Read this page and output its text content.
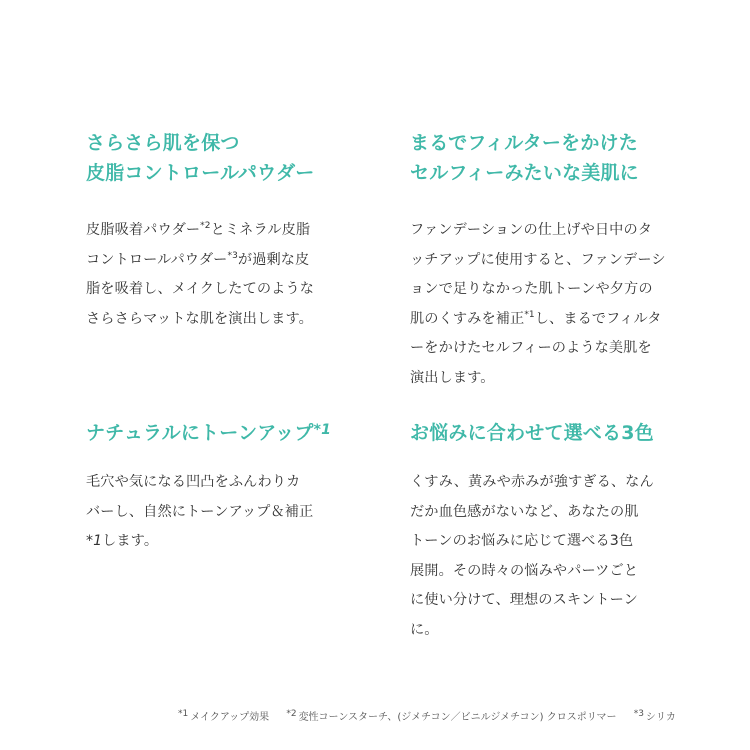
さらさら肌を保つ
皮脂コントロールパウダー

皮脂吸着パウダー$^{*2}$とミネラル皮脂
コントロールパウダー$^{*3}$が過剰な皮
脂を吸着し、メイクしたてのような
さらさらマットな肌を演出します。

まるでフィルターをかけた
セルフィーみたいな美肌に

ファンデーションの仕上げや日中のタ
ッチアップに使用すると、ファンデーシ
ョンで足りなかった肌トーンや夕方の
肌のくすみを補正$^{*1}$し、まるでフィルタ
ーをかけたセルフィーのような美肌を
演出します。

ナチュラルにトーンアップ$^{*1}$

毛穴や気になる凹凸をふんわりカ
バーし、自然にトーンアップ＆補正
*1します。

お悩みに合わせて選べる3色

くすみ、黄みや赤みが強すぎる、なん
だか血色感がないなど、あなたの肌
トーンのお悩みに応じて選べる3色
展開。その時々の悩みやパーツごと
に使い分けて、理想のスキントーン
に。

$^{*1}$ メイクアップ効果 $^{*2}$ 変性コーンスターチ、(ジメチコン／ビニルジメチコン) クロスポリマー $^{*3}$ シリカ
